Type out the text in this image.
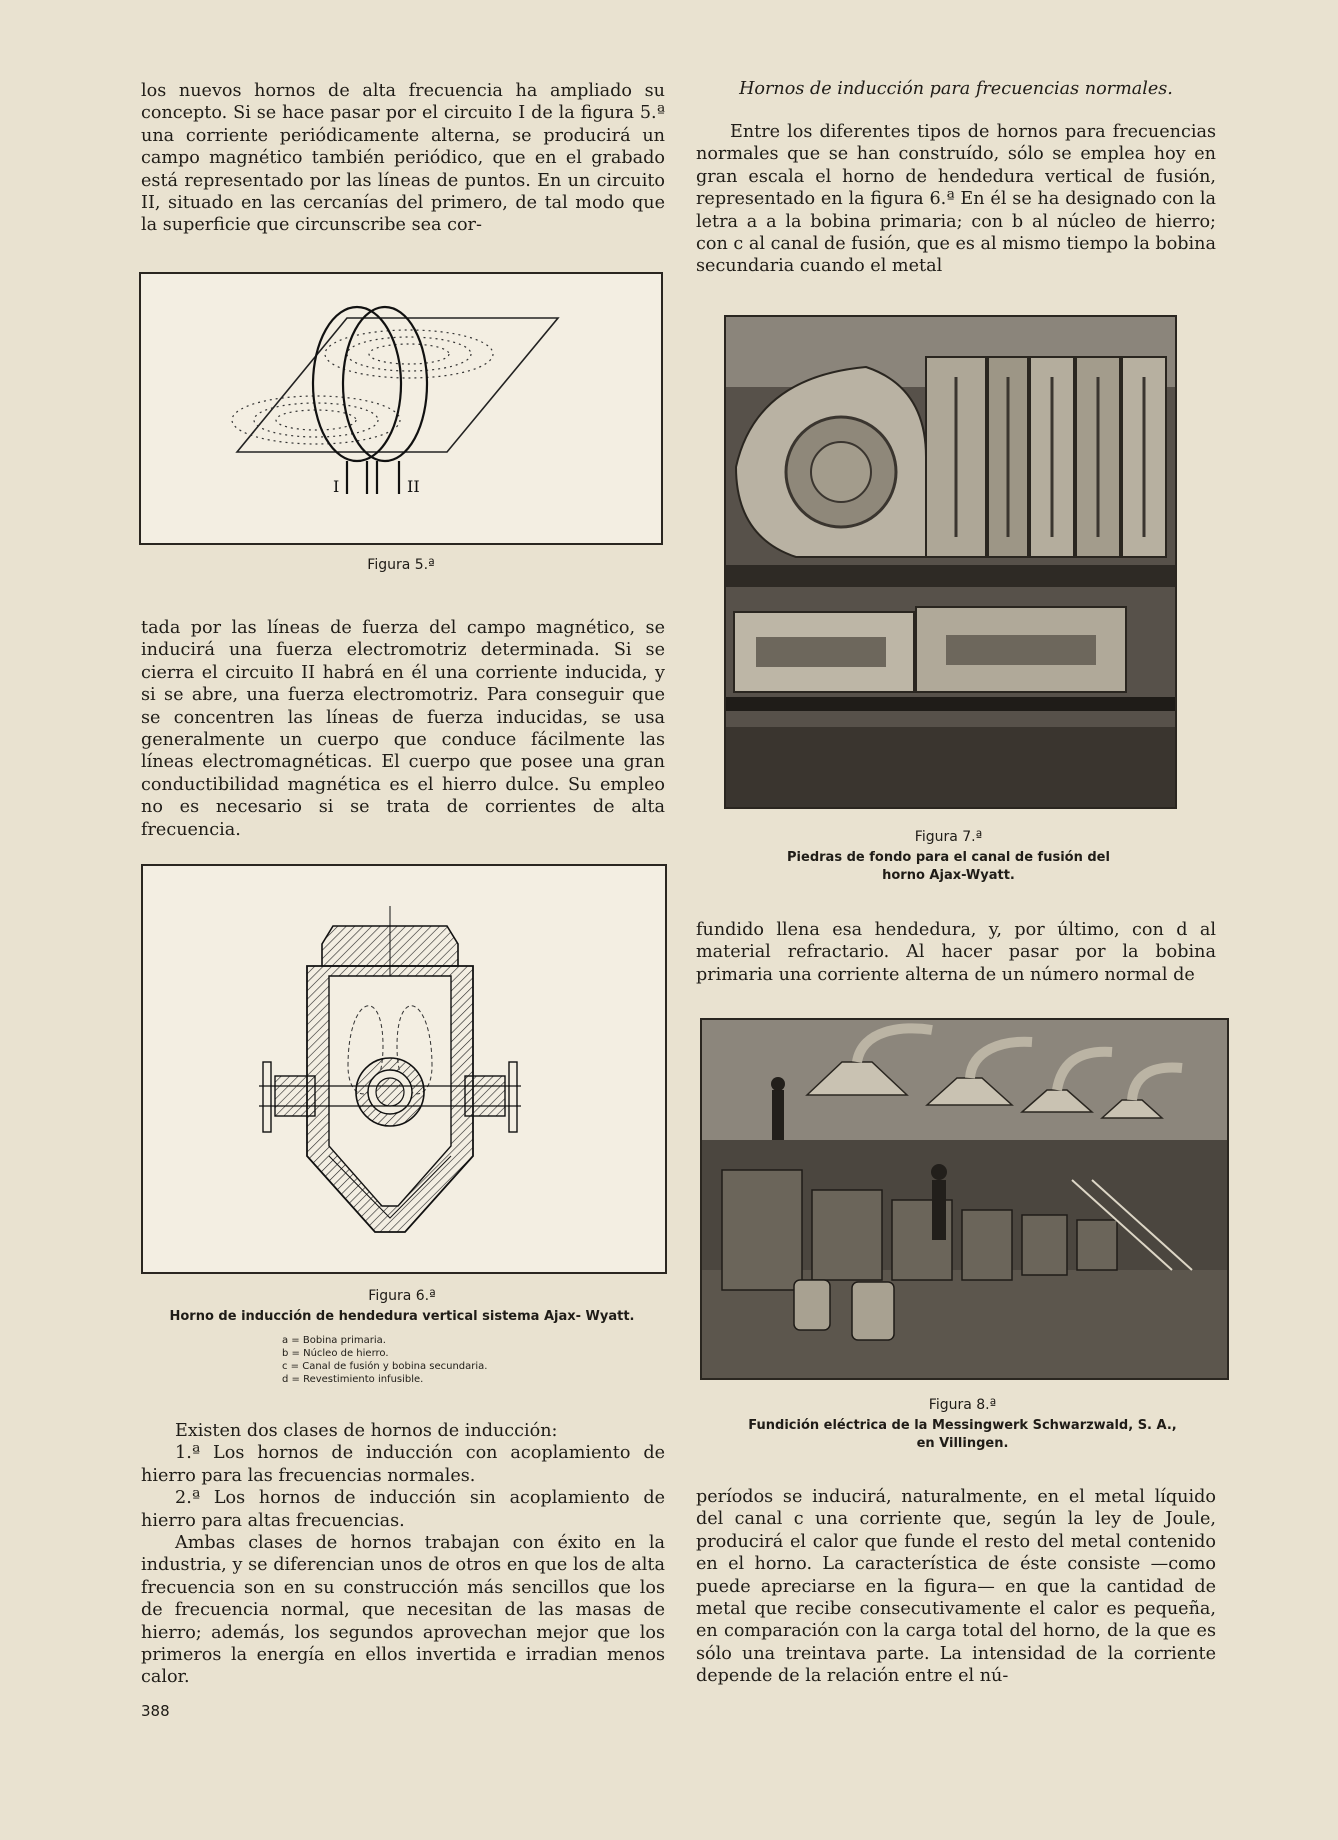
los nuevos hornos de alta frecuencia ha ampliado su concepto. Si se hace pasar por el circuito I de la figura 5.ª una corriente periódicamente alterna, se producirá un campo magnético también periódico, que en el grabado está representado por las líneas de puntos. En un circuito II, situado en las cercanías del primero, de tal modo que la superficie que circunscribe sea cor-

I	II

Figura 5.ª

tada por las líneas de fuerza del campo magnético, se inducirá una fuerza electromotriz determinada. Si se cierra el circuito II habrá en él una corriente inducida, y si se abre, una fuerza electromotriz. Para conseguir que se concentren las líneas de fuerza inducidas, se usa generalmente un cuerpo que conduce fácilmente las líneas electromagnéticas. El cuerpo que posee una gran conductibilidad magnética es el hierro dulce. Su empleo no es necesario si se trata de corrientes de alta frecuencia.

Figura 6.ª

Horno de inducción de hendedura vertical sistema Ajax- Wyatt.

a = Bobina primaria.
b = Núcleo de hierro.
c = Canal de fusión y bobina secundaria.
d = Revestimiento infusible.

Existen dos clases de hornos de inducción:

1.ª Los hornos de inducción con acoplamiento de hierro para las frecuencias normales.

2.ª Los hornos de inducción sin acoplamiento de hierro para altas frecuencias.

Ambas clases de hornos trabajan con éxito en la industria, y se diferencian unos de otros en que los de alta frecuencia son en su construcción más sencillos que los de frecuencia normal, que necesitan de las masas de hierro; además, los segundos aprovechan mejor que los primeros la energía en ellos invertida e irradian menos calor.

388

Hornos de inducción para frecuencias normales.

Entre los diferentes tipos de hornos para frecuencias normales que se han construído, sólo se emplea hoy en gran escala el horno de hendedura vertical de fusión, representado en la figura 6.ª En él se ha designado con la letra a a la bobina primaria; con b al núcleo de hierro; con c al canal de fusión, que es al mismo tiempo la bobina secundaria cuando el metal

Figura 7.ª

Piedras de fondo para el canal de fusión del horno Ajax-Wyatt.

fundido llena esa hendedura, y, por último, con d al material refractario. Al hacer pasar por la bobina primaria una corriente alterna de un número normal de

Figura 8.ª

Fundición eléctrica de la Messingwerk Schwarzwald, S. A., en Villingen.

períodos se inducirá, naturalmente, en el metal líquido del canal c una corriente que, según la ley de Joule, producirá el calor que funde el resto del metal contenido en el horno. La característica de éste consiste —como puede apreciarse en la figura— en que la cantidad de metal que recibe consecutivamente el calor es pequeña, en comparación con la carga total del horno, de la que es sólo una treintava parte. La intensidad de la corriente depende de la relación entre el nú-
